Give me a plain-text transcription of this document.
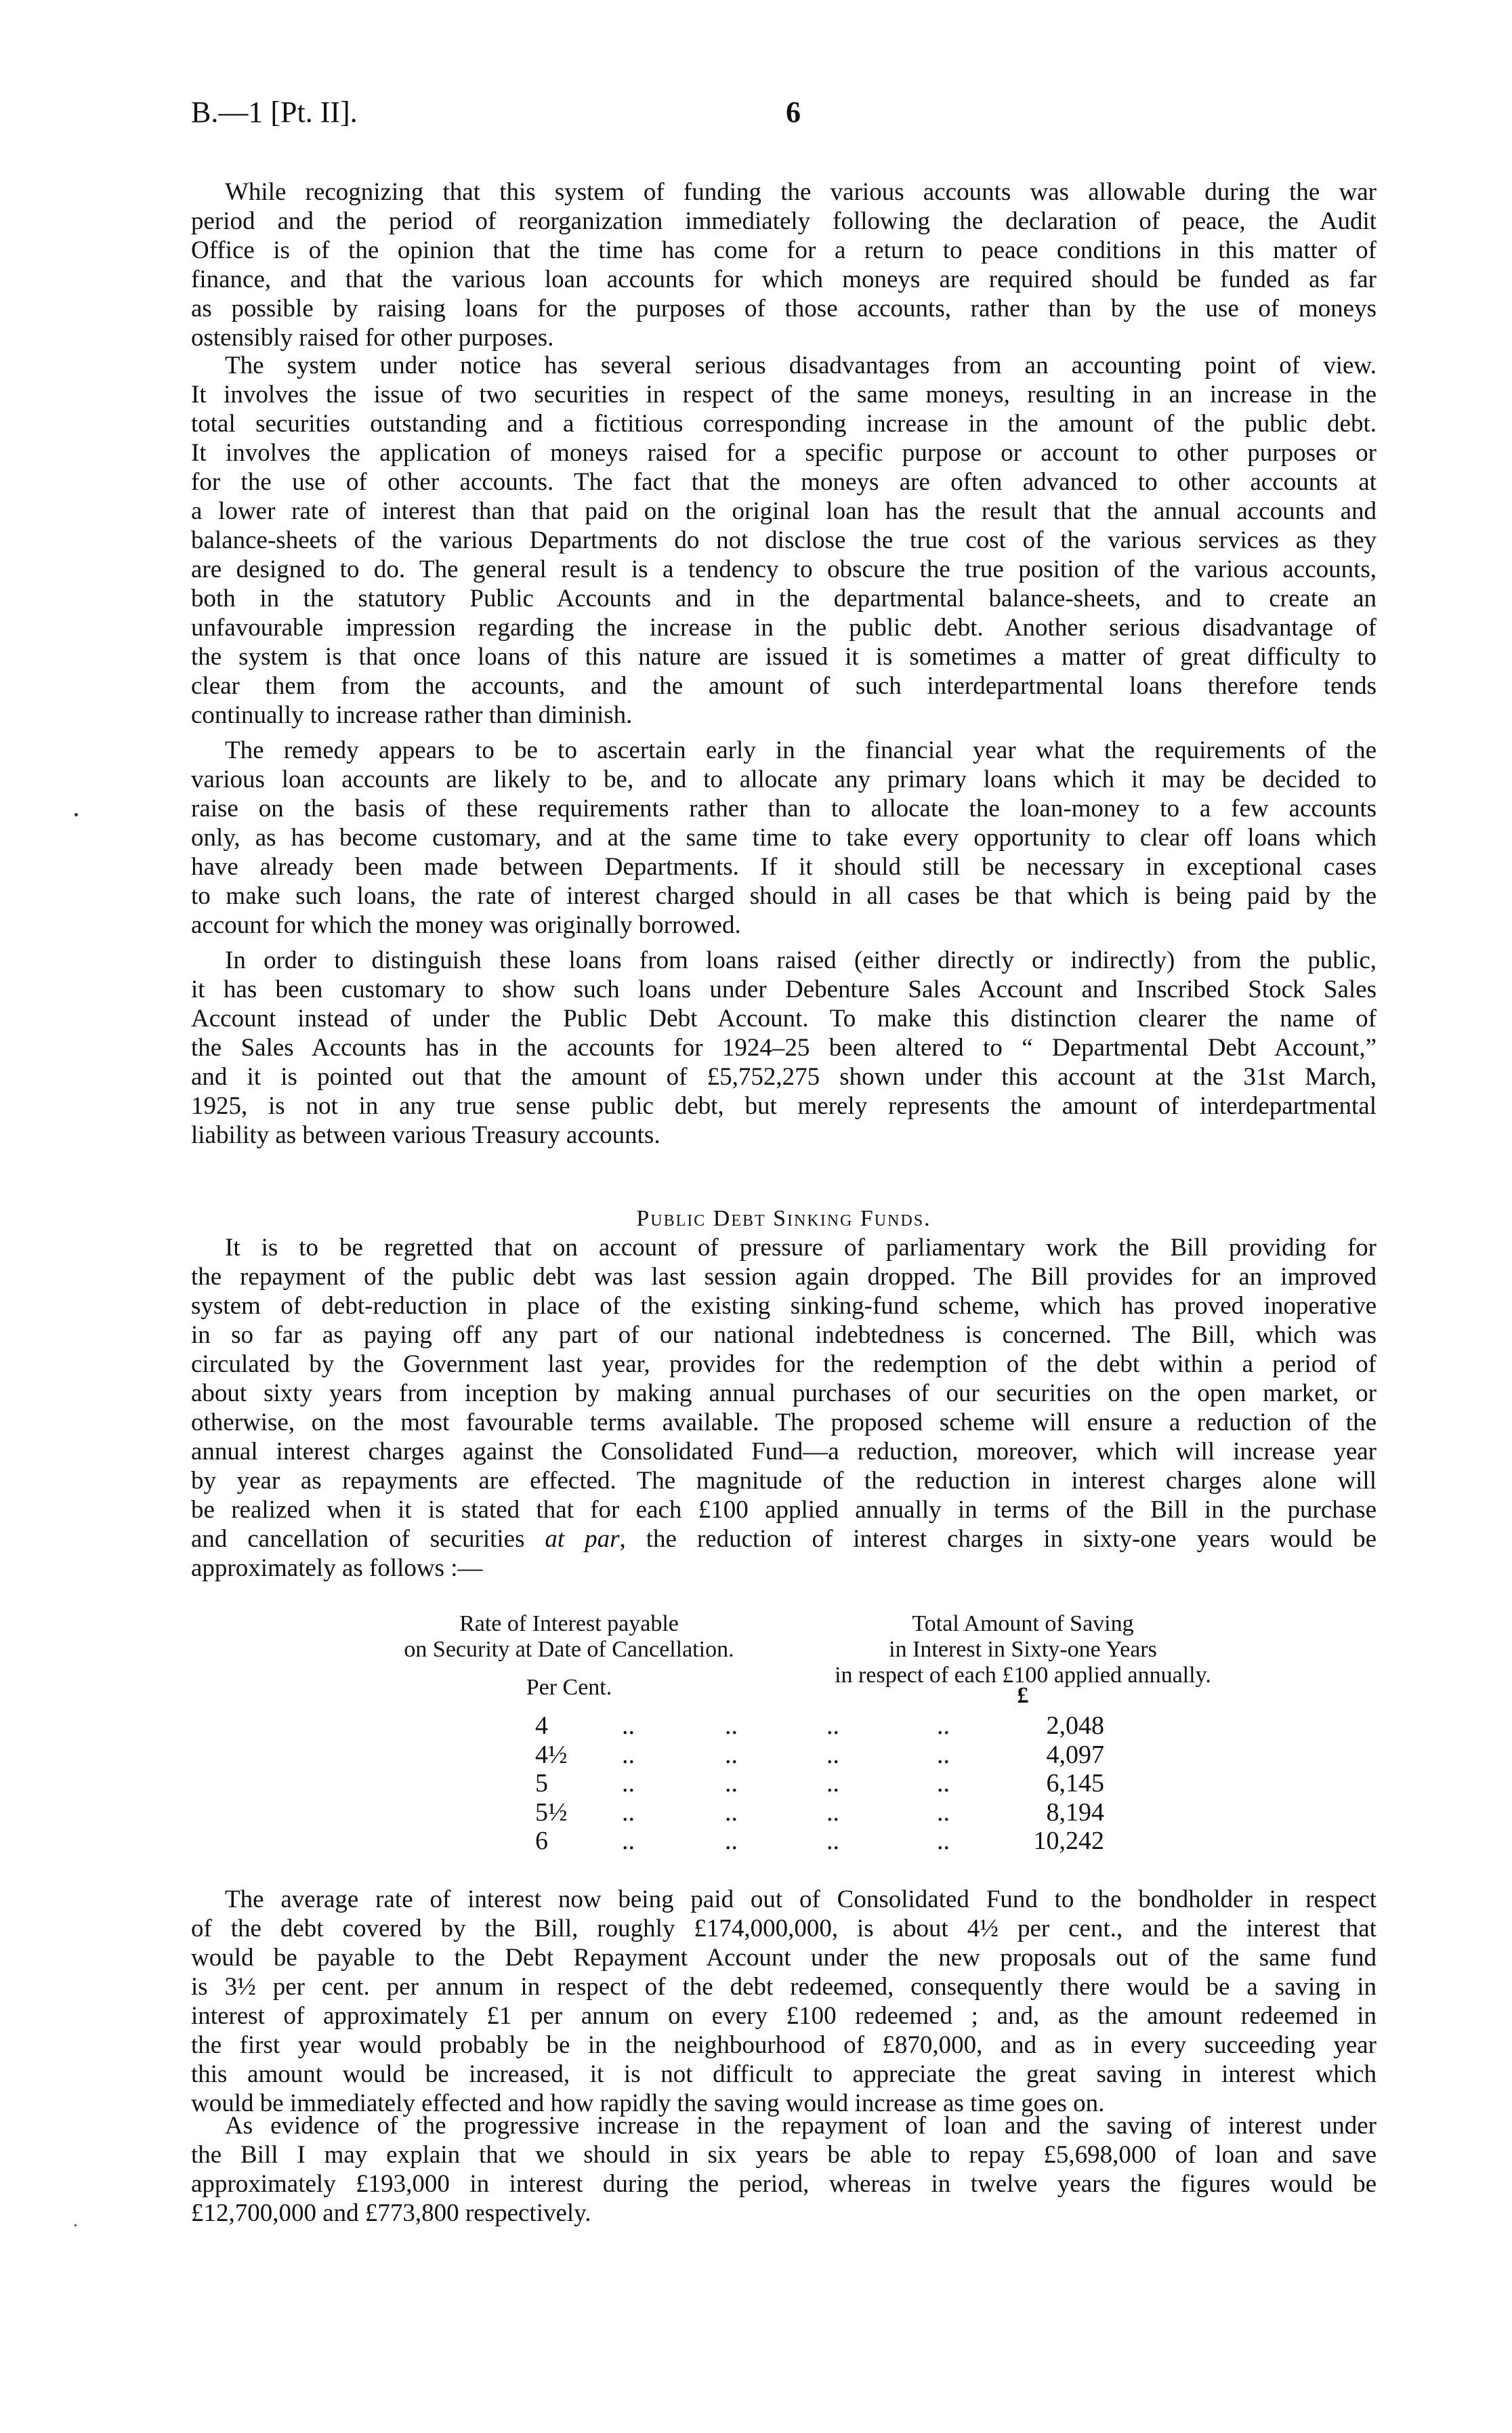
B.—1 [Pt. II].	6
While recognizing that this system of funding the various accounts was allowable during the war
period and the period of reorganization immediately following the declaration of peace, the Audit
Office is of the opinion that the time has come for a return to peace conditions in this matter of
finance, and that the various loan accounts for which moneys are required should be funded as far
as possible by raising loans for the purposes of those accounts, rather than by the use of moneys
ostensibly raised for other purposes.
The system under notice has several serious disadvantages from an accounting point of view.
It involves the issue of two securities in respect of the same moneys, resulting in an increase in the
total securities outstanding and a fictitious corresponding increase in the amount of the public debt.
It involves the application of moneys raised for a specific purpose or account to other purposes or
for the use of other accounts. The fact that the moneys are often advanced to other accounts at
a lower rate of interest than that paid on the original loan has the result that the annual accounts and
balance-sheets of the various Departments do not disclose the true cost of the various services as they
are designed to do. The general result is a tendency to obscure the true position of the various accounts,
both in the statutory Public Accounts and in the departmental balance-sheets, and to create an
unfavourable impression regarding the increase in the public debt. Another serious disadvantage of
the system is that once loans of this nature are issued it is sometimes a matter of great difficulty to
clear them from the accounts, and the amount of such interdepartmental loans therefore tends
continually to increase rather than diminish.
The remedy appears to be to ascertain early in the financial year what the requirements of the
various loan accounts are likely to be, and to allocate any primary loans which it may be decided to
raise on the basis of these requirements rather than to allocate the loan-money to a few accounts
only, as has become customary, and at the same time to take every opportunity to clear off loans which
have already been made between Departments. If it should still be necessary in exceptional cases
to make such loans, the rate of interest charged should in all cases be that which is being paid by the
account for which the money was originally borrowed.
In order to distinguish these loans from loans raised (either directly or indirectly) from the public,
it has been customary to show such loans under Debenture Sales Account and Inscribed Stock Sales
Account instead of under the Public Debt Account. To make this distinction clearer the name of
the Sales Accounts has in the accounts for 1924–25 been altered to “ Departmental Debt Account,”
and it is pointed out that the amount of £5,752,275 shown under this account at the 31st March,
1925, is not in any true sense public debt, but merely represents the amount of interdepartmental
liability as between various Treasury accounts.
Public Debt Sinking Funds.
It is to be regretted that on account of pressure of parliamentary work the Bill providing for
the repayment of the public debt was last session again dropped. The Bill provides for an improved
system of debt-reduction in place of the existing sinking-fund scheme, which has proved inoperative
in so far as paying off any part of our national indebtedness is concerned. The Bill, which was
circulated by the Government last year, provides for the redemption of the debt within a period of
about sixty years from inception by making annual purchases of our securities on the open market, or
otherwise, on the most favourable terms available. The proposed scheme will ensure a reduction of the
annual interest charges against the Consolidated Fund—a reduction, moreover, which will increase year
by year as repayments are effected. The magnitude of the reduction in interest charges alone will
be realized when it is stated that for each £100 applied annually in terms of the Bill in the purchase
and cancellation of securities at par, the reduction of interest charges in sixty-one years would be
approximately as follows :—
Rate of Interest payable
on Security at Date of Cancellation.
Per Cent.
Total Amount of Saving
in Interest in Sixty-one Years
in respect of each £100 applied annually.
£
4	..	..	..	..	2,048
4½ ..	..	..	..	4,097
5	..	..	..	..	6,145
5½ ..	..	..	..	8,194
6	..	..	..	..	10,242
The average rate of interest now being paid out of Consolidated Fund to the bondholder in respect
of the debt covered by the Bill, roughly £174,000,000, is about 4½ per cent., and the interest that
would be payable to the Debt Repayment Account under the new proposals out of the same fund
is 3½ per cent. per annum in respect of the debt redeemed, consequently there would be a saving in
interest of approximately £1 per annum on every £100 redeemed ; and, as the amount redeemed in
the first year would probably be in the neighbourhood of £870,000, and as in every succeeding year
this amount would be increased, it is not difficult to appreciate the great saving in interest which
would be immediately effected and how rapidly the saving would increase as time goes on.
As evidence of the progressive increase in the repayment of loan and the saving of interest under
the Bill I may explain that we should in six years be able to repay £5,698,000 of loan and save
approximately £193,000 in interest during the period, whereas in twelve years the figures would be
£12,700,000 and £773,800 respectively.
